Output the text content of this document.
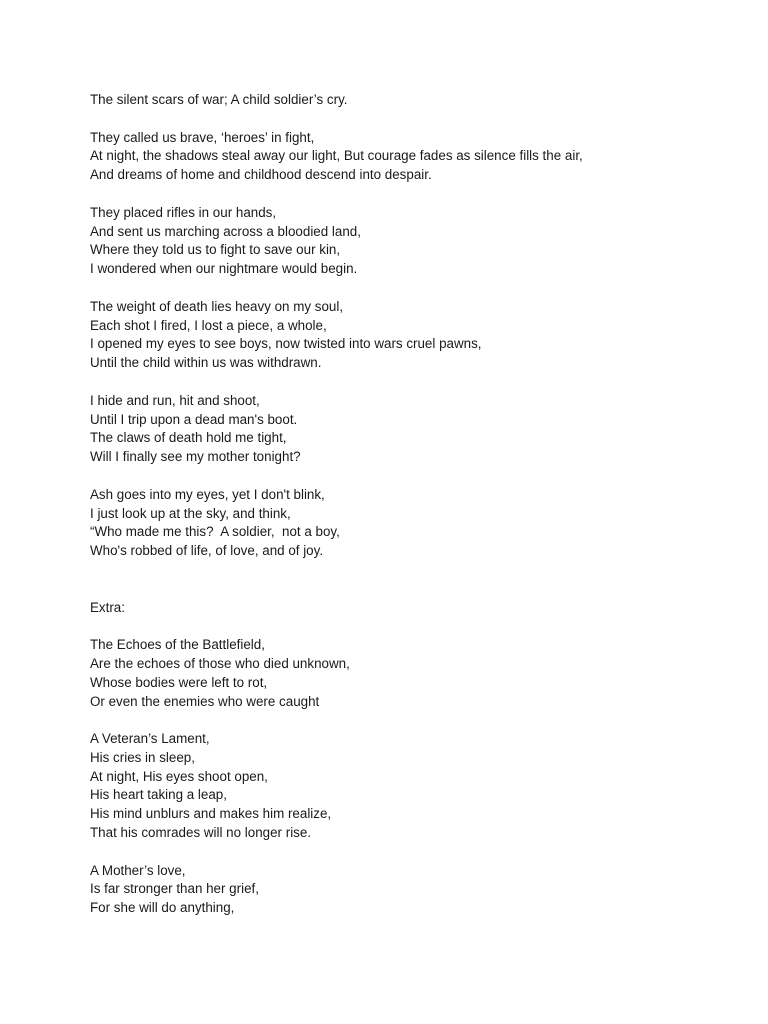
The silent scars of war; A child soldier’s cry.
They called us brave, ‘heroes’ in fight,
At night, the shadows steal away our light, But courage fades as silence fills the air,
And dreams of home and childhood descend into despair.
They placed rifles in our hands,
And sent us marching across a bloodied land,
Where they told us to fight to save our kin,
I wondered when our nightmare would begin.
The weight of death lies heavy on my soul,
Each shot I fired, I lost a piece, a whole,
I opened my eyes to see boys, now twisted into wars cruel pawns,
Until the child within us was withdrawn.
I hide and run, hit and shoot,
Until I trip upon a dead man's boot.
The claws of death hold me tight,
Will I finally see my mother tonight?
Ash goes into my eyes, yet I don't blink,
I just look up at the sky, and think,
“Who made me this?  A soldier,  not a boy,
Who's robbed of life, of love, and of joy.
Extra:
The Echoes of the Battlefield,
Are the echoes of those who died unknown,
Whose bodies were left to rot,
Or even the enemies who were caught
A Veteran’s Lament,
His cries in sleep,
At night, His eyes shoot open,
His heart taking a leap,
His mind unblurs and makes him realize,
That his comrades will no longer rise.
A Mother’s love,
Is far stronger than her grief,
For she will do anything,
